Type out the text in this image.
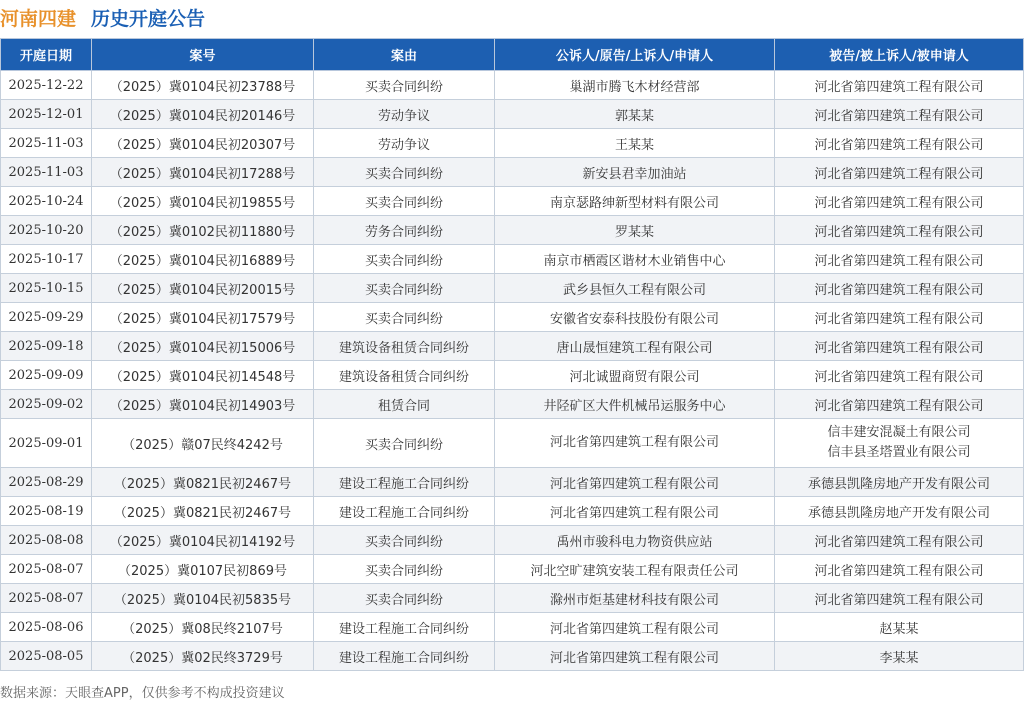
河南四建 历史开庭公告
开庭日期	案号	案由	公诉人/原告/上诉人/申请人	被告/被上诉人/被申请人
2025-12-22	（2025）冀0104民初23788号	买卖合同纠纷	巢湖市腾飞木材经营部	河北省第四建筑工程有限公司

2025-12-01	（2025）冀0104民初20146号	劳动争议	郭某某	河北省第四建筑工程有限公司

2025-11-03	（2025）冀0104民初20307号	劳动争议	王某某	河北省第四建筑工程有限公司

2025-11-03	（2025）冀0104民初17288号	买卖合同纠纷	新安县君幸加油站	河北省第四建筑工程有限公司

2025-10-24	（2025）冀0104民初19855号	买卖合同纠纷	南京瑟路绅新型材料有限公司	河北省第四建筑工程有限公司

2025-10-20	（2025）冀0102民初11880号	劳务合同纠纷	罗某某	河北省第四建筑工程有限公司

2025-10-17	（2025）冀0104民初16889号	买卖合同纠纷	南京市栖霞区谐材木业销售中心	河北省第四建筑工程有限公司

2025-10-15	（2025）冀0104民初20015号	买卖合同纠纷	武乡县恒久工程有限公司	河北省第四建筑工程有限公司

2025-09-29	（2025）冀0104民初17579号	买卖合同纠纷	安徽省安泰科技股份有限公司	河北省第四建筑工程有限公司

2025-09-18	（2025）冀0104民初15006号	建筑设备租赁合同纠纷	唐山晟恒建筑工程有限公司	河北省第四建筑工程有限公司

2025-09-09	（2025）冀0104民初14548号	建筑设备租赁合同纠纷	河北诚盟商贸有限公司	河北省第四建筑工程有限公司

2025-09-02	（2025）冀0104民初14903号	租赁合同	井陉矿区大件机械吊运服务中心	河北省第四建筑工程有限公司

2025-09-01	（2025）赣07民终4242号	买卖合同纠纷	河北省第四建筑工程有限公司	信丰建安混凝土有限公司
信丰县圣塔置业有限公司

2025-08-29	（2025）冀0821民初2467号	建设工程施工合同纠纷	河北省第四建筑工程有限公司	承德县凯隆房地产开发有限公司

2025-08-19	（2025）冀0821民初2467号	建设工程施工合同纠纷	河北省第四建筑工程有限公司	承德县凯隆房地产开发有限公司

2025-08-08	（2025）冀0104民初14192号	买卖合同纠纷	禹州市骏科电力物资供应站	河北省第四建筑工程有限公司

2025-08-07	（2025）冀0107民初869号	买卖合同纠纷	河北空旷建筑安装工程有限责任公司	河北省第四建筑工程有限公司

2025-08-07	（2025）冀0104民初5835号	买卖合同纠纷	滁州市炬基建材科技有限公司	河北省第四建筑工程有限公司

2025-08-06	（2025）冀08民终2107号	建设工程施工合同纠纷	河北省第四建筑工程有限公司	赵某某

2025-08-05	（2025）冀02民终3729号	建设工程施工合同纠纷	河北省第四建筑工程有限公司	李某某
数据来源：天眼查APP，仅供参考不构成投资建议
